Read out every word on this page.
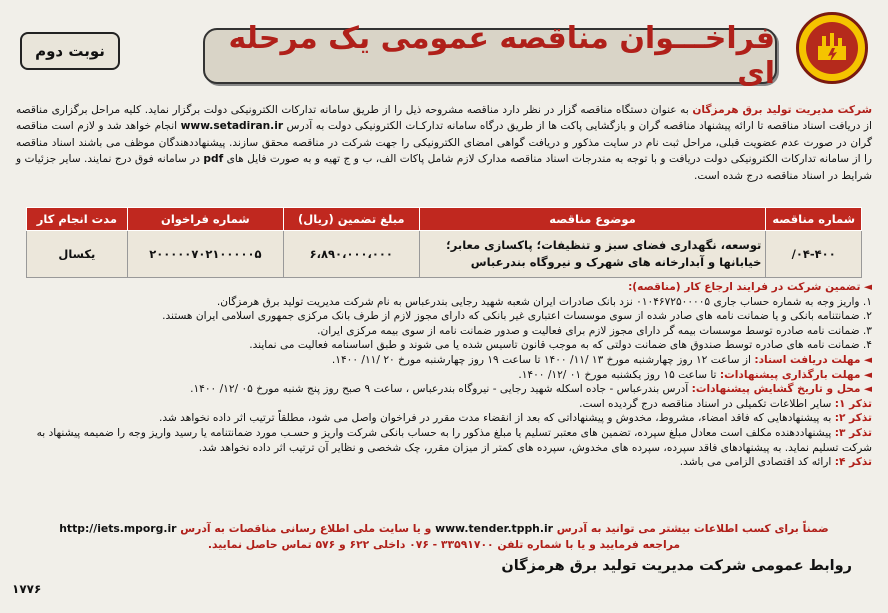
فراخـــوان مناقصه عمومی یک مرحله ای
نوبت دوم
شرکت مدیریت تولید برق هرمزگان به عنوان دستگاه مناقصه گزار در نظر دارد مناقصه مشروحه ذیل را از طریق سامانه تدارکات الکترونیکی دولت برگزار نماید. کلیه مراحل برگزاری مناقصه از دریافت اسناد مناقصه تا ارائه پیشنهاد مناقصه گران و بازگشایی پاکت ها از طریق درگاه سامانه تدارکـات الکترونیکی دولت به آدرس www.setadiran.ir انجام خواهد شد و لازم است مناقصه گران در صورت عدم عضویت قبلی، مراحل ثبت نام در سایت مذکور و دریافت گواهی امضای الکترونیکی را جهت شرکت در مناقصه محقق سازند. پیشنهاددهندگان موظف می باشند اسناد مناقصه را از سامانه تدارکات الکترونیکی دولت دریافت و با توجه به مندرجات اسناد مناقصه مدارک لازم شامل پاکات الف، ب و ج تهیه و به صورت فایل های pdf در سامانه فوق درج نمایند. سایر جزئیات و شرایط در اسناد مناقصه درج شده است.
شماره مناقصه	موضوع مناقصه	مبلغ تضمین (ریال)	شماره فراخوان	مدت انجام کار
۰۴-۴۰۰/	توسعه، نگهداری فضای سبز و تنظیفات؛ پاکسازی معابر؛
خیابانها و آبدارخانه های شهرک و نیروگاه بندرعباس	۶،۸۹۰،۰۰۰،۰۰۰	۲۰۰۰۰۰۷۰۲۱۰۰۰۰۰۵	یکسال

◄ تضمین شرکت در فرایند ارجاع کار (مناقصه):

۱. واریز وجه به شماره حساب جاری ۰۱۰۴۶۷۲۵۰۰۰۰۵ نزد بانک صادرات ایران شعبه شهید رجایی بندرعباس به نام شرکت مدیریت تولید برق هرمزگان.

۲. ضمانتنامه بانکی و یا ضمانت نامه های صادر شده از سوی موسسات اعتباری غیر بانکی که دارای مجوز لازم از طرف بانک مرکزی جمهوری اسلامی ایران هستند.

۳. ضمانت نامه صادره توسط موسسات بیمه گر دارای مجوز لازم برای فعالیت و صدور ضمانت نامه از سوی بیمه مرکزی ایران.

۴. ضمانت نامه های صادره توسط صندوق های ضمانت دولتی که به موجب قانون تاسیس شده یا می شوند و طبق اساسنامه فعالیت می نمایند.

◄ مهلت دریافت اسناد: از ساعت ۱۲ روز چهارشنبه مورخ ۱۳ /۱۱/ ۱۴۰۰ تا ساعت ۱۹ روز چهارشنبه مورخ ۲۰ /۱۱/ ۱۴۰۰.

◄ مهلت بارگذاری پیشنهادات: تا ساعت ۱۵ روز یکشنبه مورخ ۰۱ /۱۲/ ۱۴۰۰.

◄ محل و تاریخ گشایش پیشنهادات: آدرس بندرعباس - جاده اسکله شهید رجایی - نیروگاه بندرعباس ، ساعت ۹ صبح روز پنج شنبه مورخ ۰۵ /۱۲/ ۱۴۰۰.

تذکر ۱: سایر اطلاعات تکمیلی در اسناد مناقصه درج گردیده است.

تذکر ۲: به پیشنهادهایی که فاقد امضاء، مشروط، مخدوش و پیشنهاداتی که بعد از انقضاء مدت مقرر در فراخوان واصل می شود، مطلقاً ترتیب اثر داده نخواهد شد.

تذکر ۳: پیشنهاددهنده مکلف است معادل مبلغ سپرده، تضمین های معتبر تسلیم یا مبلغ مذکور را به حساب بانکی شرکت واریز و حسـب مورد ضمانتنامه یا رسید واریز وجه را ضمیمه پیشنهاد به شرکت تسلیم نماید. به پیشنهادهای فاقد سپرده، سپرده های مخدوش، سپرده های کمتر از میزان مقرر، چک شخصی و نظایر آن ترتیب اثر داده نخواهد شد.

تذکر ۴: ارائه کد اقتصادی الزامی می باشد.

ضمناً برای کسب اطلاعات بیشتر می توانید به آدرس www.tender.tpph.ir و یا سایت ملی اطلاع رسانی مناقصات به آدرس http://iets.mporg.ir
مراجعه فرمایید و یا با شماره تلفن ۳۳۵۹۱۷۰۰ - ۰۷۶ داخلی ۶۲۲ و ۵۷۶ تماس حاصل نمایید.
روابط عمومی شرکت مدیریت تولید برق هرمزگان
۱۷۷۶
